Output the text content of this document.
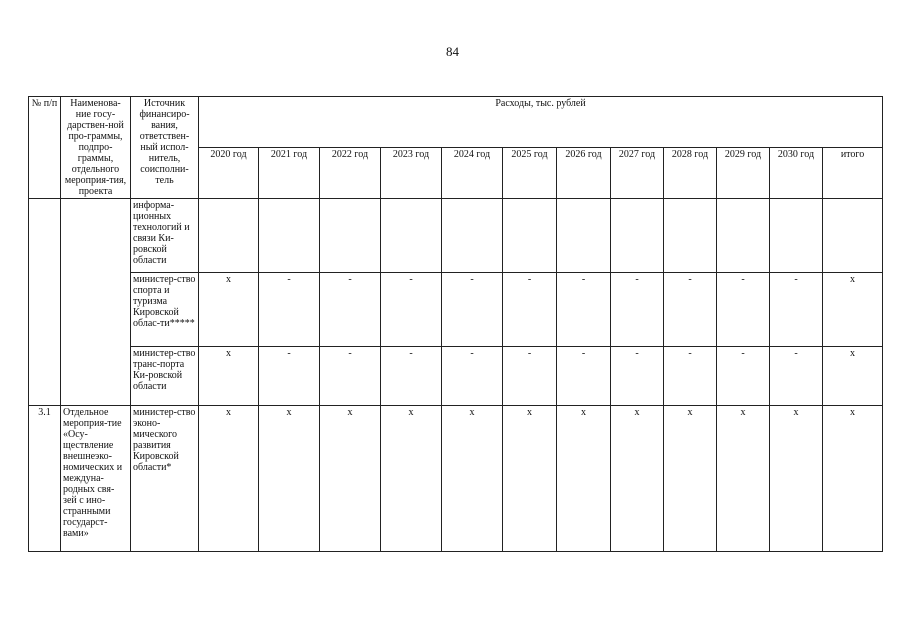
84
№ п/п	Наименова-ние госу-дарствен-ной про-граммы, подпро-граммы, отдельного мероприя-тия, проекта	Источник финансиро-вания, ответствен-ный испол-нитель, соисполни-тель	Расходы, тыс. рублей											
			2020 год	2021 год	2022 год	2023 год	2024 год	2025 год	2026 год	2027 год	2028 год	2029 год	2030 год	итого
		информа-ционных технологий и связи Ки-ровской области												
		министер-ство спорта и туризма Кировской облас-ти*****	x	-	-	-	-	-	-	-	-	-	-	x
		министер-ство транс-порта Ки-ровской области	x	-	-	-	-	-	-	-	-	-	-	x
3.1	Отдельное мероприя-тие «Осу-ществление внешнеэко-номических и междуна-родных свя-зей с ино-странными государст-вами»	министер-ство эконо-мического развития Кировской области*	x	x	x	x	x	x	x	x	x	x	x	x
